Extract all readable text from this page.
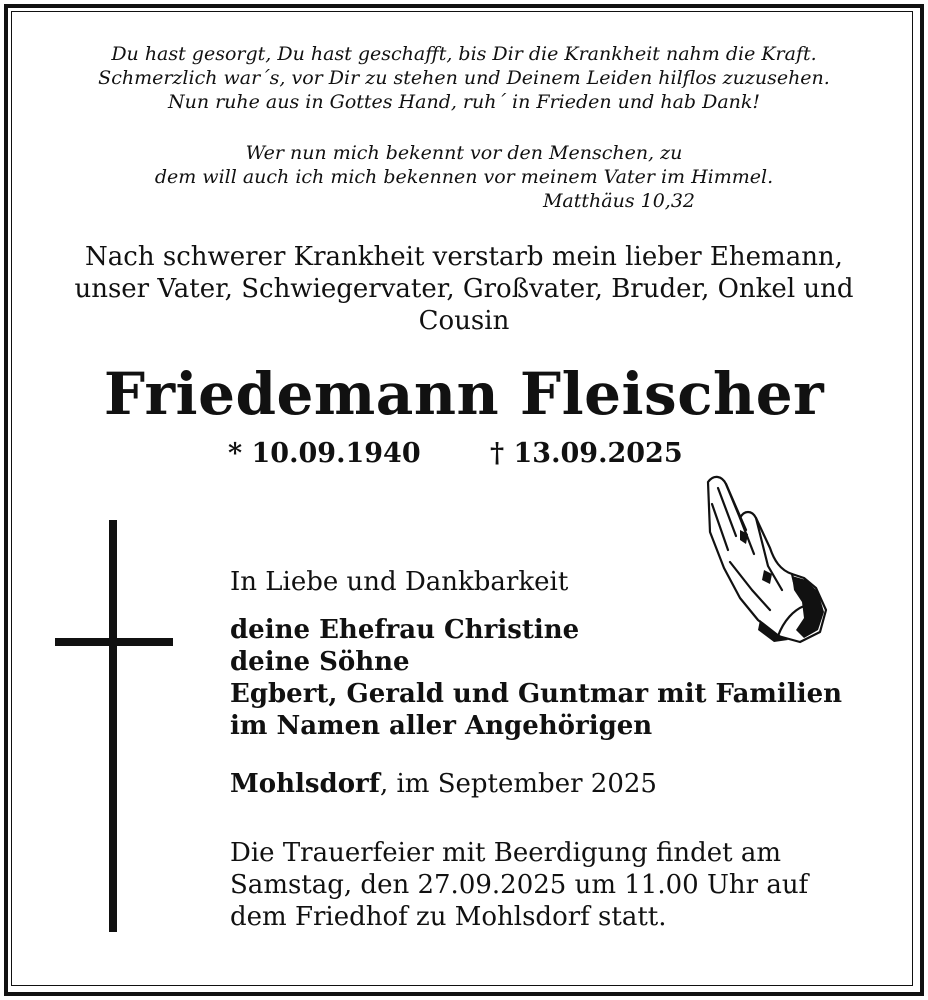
Du hast gesorgt, Du hast geschafft, bis Dir die Krankheit nahm die Kraft.
Schmerzlich war´s, vor Dir zu stehen und Deinem Leiden hilflos zuzusehen.
Nun ruhe aus in Gottes Hand, ruh´ in Frieden und hab Dank!
Wer nun mich bekennt vor den Menschen, zu
dem will auch ich mich bekennen vor meinem Vater im Himmel.
Matthäus 10,32
Nach schwerer Krankheit verstarb mein lieber Ehemann,
unser Vater, Schwiegervater, Großvater, Bruder, Onkel und
Cousin
Friedemann Fleischer
* 10.09.1940	† 13.09.2025
In Liebe und Dankbarkeit
deine Ehefrau Christine
deine Söhne
Egbert, Gerald und Guntmar mit Familien
im Namen aller Angehörigen
Mohlsdorf, im September 2025
Die Trauerfeier mit Beerdigung findet am
Samstag, den 27.09.2025 um 11.00 Uhr auf
dem Friedhof zu Mohlsdorf statt.
